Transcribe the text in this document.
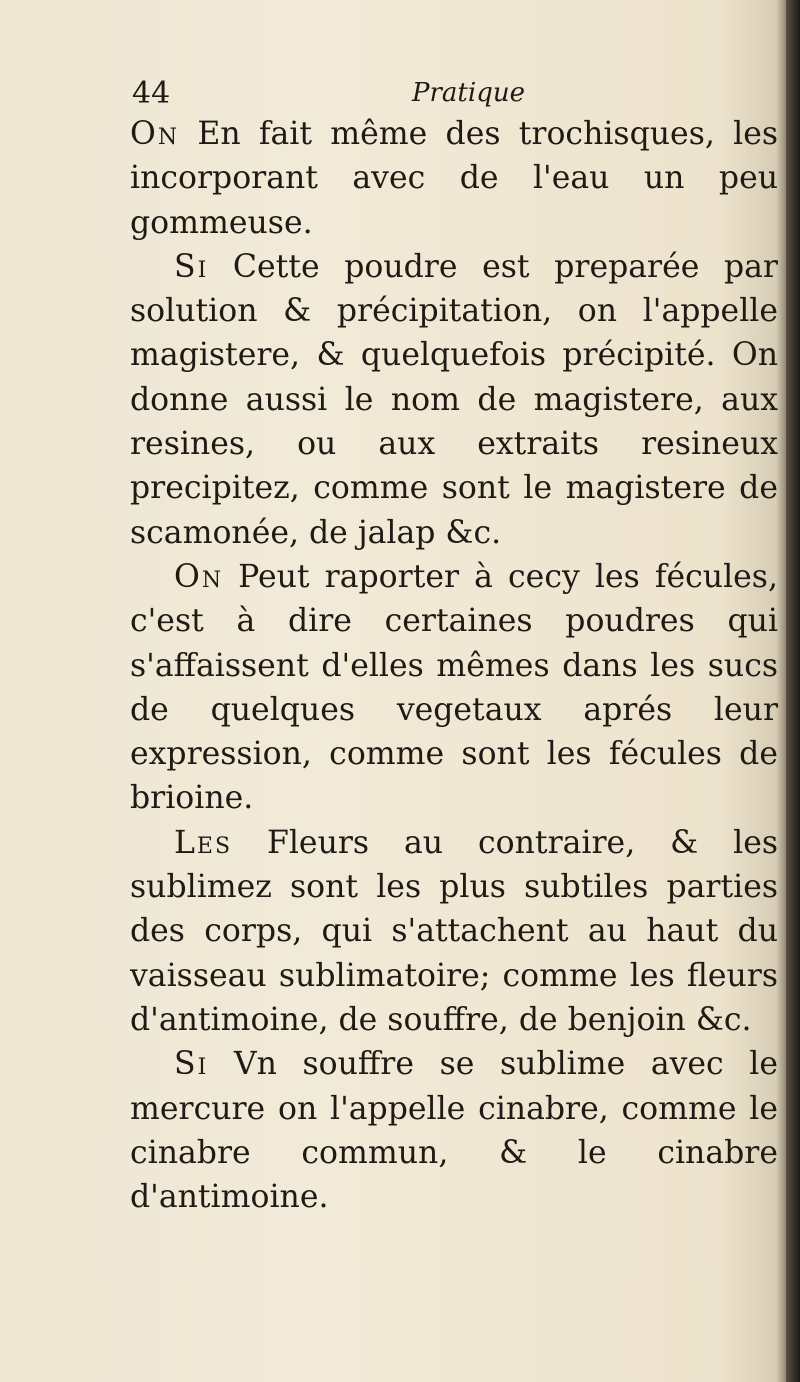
44	Pratique

On En fait même des trochisques, les incorporant avec de l'eau un peu gommeuse.

Si Cette poudre est preparée par solution & précipitation, on l'appelle magistere, & quelquefois précipité. On donne aussi le nom de magistere, aux resines, ou aux extraits resineux precipitez, comme sont le magistere de scamonée, de jalap &c.

On Peut raporter à cecy les fécules, c'est à dire certaines poudres qui s'affaissent d'elles mêmes dans les sucs de quelques vegetaux aprés leur expression, comme sont les fécules de brioine.

Les Fleurs au contraire, & les sublimez sont les plus subtiles parties des corps, qui s'attachent au haut du vaisseau sublimatoire; comme les fleurs d'antimoine, de souffre, de benjoin &c.

Si Vn souffre se sublime avec le mercure on l'appelle cinabre, comme le cinabre commun, & le cinabre d'antimoine.
